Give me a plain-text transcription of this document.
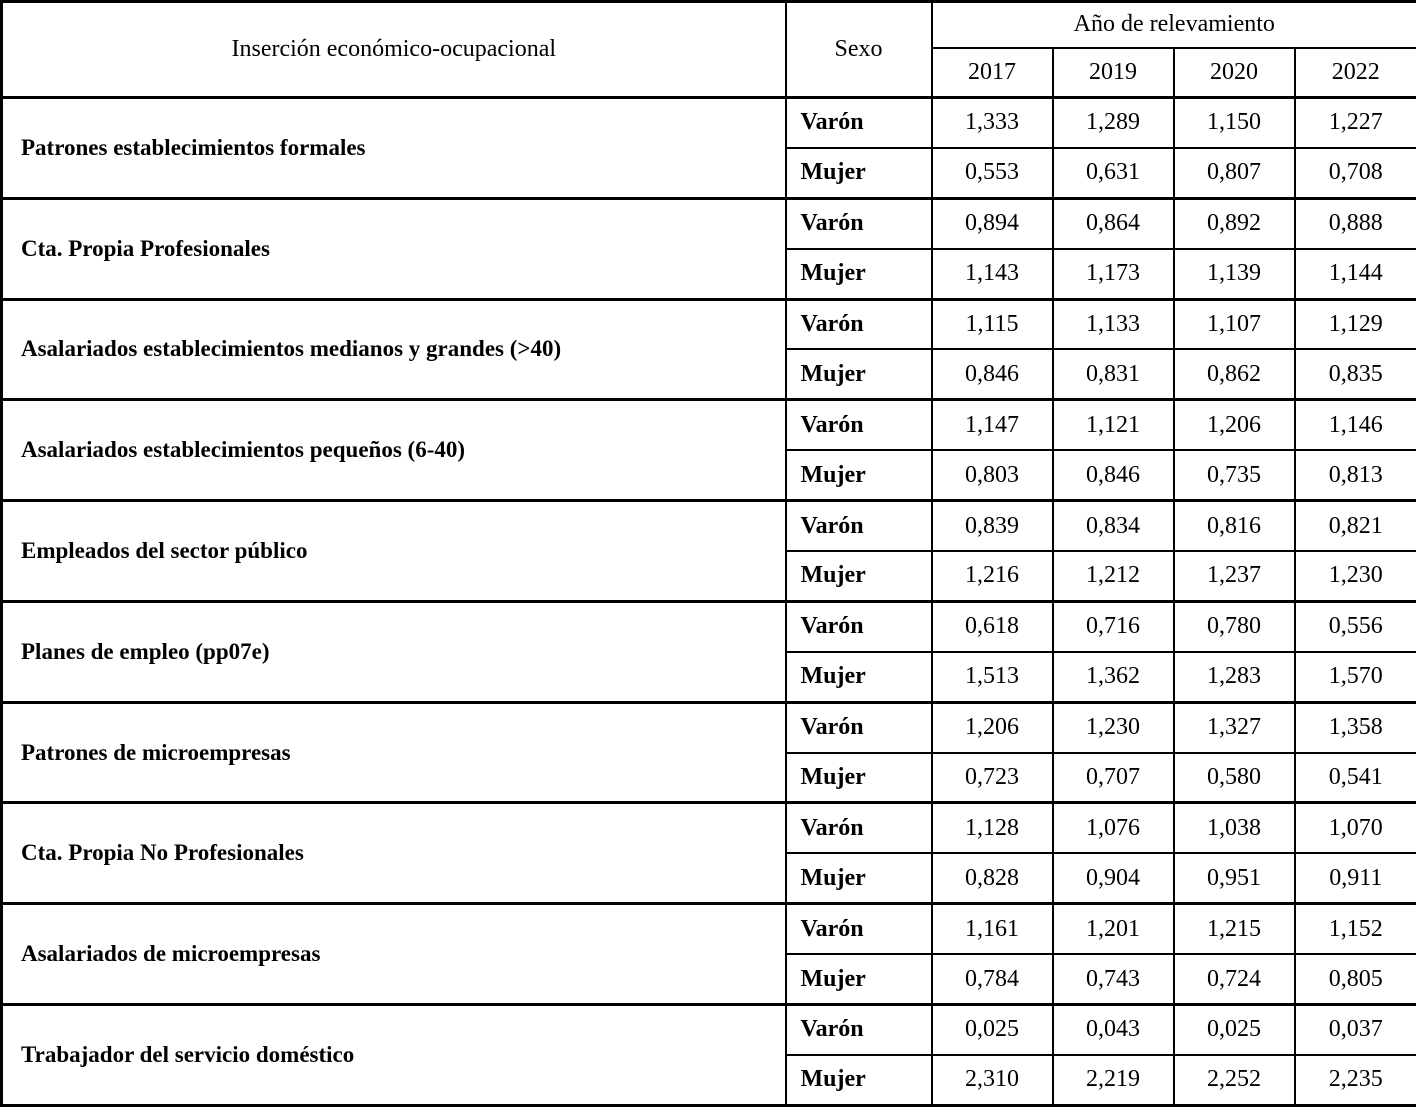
Inserción económico-ocupacional	Sexo	Año de relevamiento			
		2017	2019	2020	2022
Patrones establecimientos formales	Varón	1,333	1,289	1,150	1,227
	Mujer	0,553	0,631	0,807	0,708
Cta. Propia Profesionales	Varón	0,894	0,864	0,892	0,888
	Mujer	1,143	1,173	1,139	1,144
Asalariados establecimientos medianos y grandes (>40)	Varón	1,115	1,133	1,107	1,129
	Mujer	0,846	0,831	0,862	0,835
Asalariados establecimientos pequeños (6-40)	Varón	1,147	1,121	1,206	1,146
	Mujer	0,803	0,846	0,735	0,813
Empleados del sector público	Varón	0,839	0,834	0,816	0,821
	Mujer	1,216	1,212	1,237	1,230
Planes de empleo (pp07e)	Varón	0,618	0,716	0,780	0,556
	Mujer	1,513	1,362	1,283	1,570
Patrones de microempresas	Varón	1,206	1,230	1,327	1,358
	Mujer	0,723	0,707	0,580	0,541
Cta. Propia No Profesionales	Varón	1,128	1,076	1,038	1,070
	Mujer	0,828	0,904	0,951	0,911
Asalariados de microempresas	Varón	1,161	1,201	1,215	1,152
	Mujer	0,784	0,743	0,724	0,805
Trabajador del servicio doméstico	Varón	0,025	0,043	0,025	0,037
	Mujer	2,310	2,219	2,252	2,235
